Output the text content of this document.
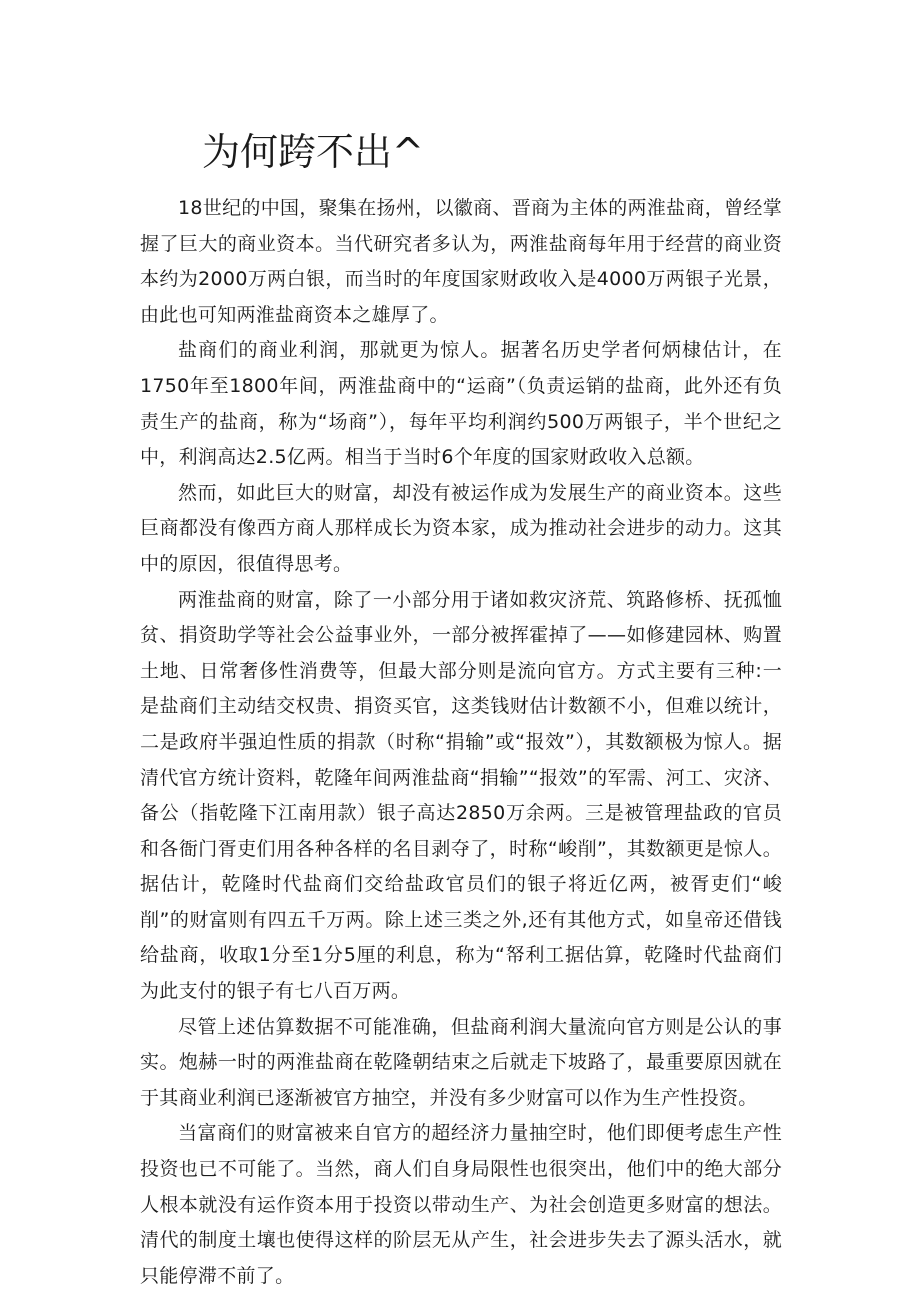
为何跨不出^

18世纪的中国，聚集在扬州，以徽商、晋商为主体的两淮盐商，曾经掌握了巨大的商业资本。当代研究者多认为，两淮盐商每年用于经营的商业资本约为2000万两白银，而当时的年度国家财政收入是4000万两银子光景，由此也可知两淮盐商资本之雄厚了。

盐商们的商业利润，那就更为惊人。据著名历史学者何炳棣估计，在1750年至1800年间，两淮盐商中的“运商”（负责运销的盐商，此外还有负责生产的盐商，称为“场商”），每年平均利润约500万两银子，半个世纪之中，利润高达2.5亿两。相当于当时6个年度的国家财政收入总额。

然而，如此巨大的财富，却没有被运作成为发展生产的商业资本。这些巨商都没有像西方商人那样成长为资本家，成为推动社会进步的动力。这其中的原因，很值得思考。

两淮盐商的财富，除了一小部分用于诸如救灾济荒、筑路修桥、抚孤恤贫、捐资助学等社会公益事业外，一部分被挥霍掉了——如修建园林、购置土地、日常奢侈性消费等，但最大部分则是流向官方。方式主要有三种:一是盐商们主动结交权贵、捐资买官，这类钱财估计数额不小，但难以统计，二是政府半强迫性质的捐款（时称“捐输”或“报效”），其数额极为惊人。据清代官方统计资料，乾隆年间两淮盐商“捐输”“报效”的军需、河工、灾济、备公（指乾隆下江南用款）银子高达2850万余两。三是被管理盐政的官员和各衙门胥吏们用各种各样的名目剥夺了，时称“峻削”，其数额更是惊人。据估计，乾隆时代盐商们交给盐政官员们的银子将近亿两，被胥吏们“峻削”的财富则有四五千万两。除上述三类之外,还有其他方式，如皇帝还借钱给盐商，收取1分至1分5厘的利息，称为“帑利工据估算，乾隆时代盐商们为此支付的银子有七八百万两。

尽管上述估算数据不可能准确，但盐商利润大量流向官方则是公认的事实。炮赫一时的两淮盐商在乾隆朝结束之后就走下坡路了，最重要原因就在于其商业利润已逐渐被官方抽空，并没有多少财富可以作为生产性投资。

当富商们的财富被来自官方的超经济力量抽空时，他们即便考虑生产性投资也已不可能了。当然，商人们自身局限性也很突出，他们中的绝大部分人根本就没有运作资本用于投资以带动生产、为社会创造更多财富的想法。清代的制度土壤也使得这样的阶层无从产生，社会进步失去了源头活水，就只能停滞不前了。
